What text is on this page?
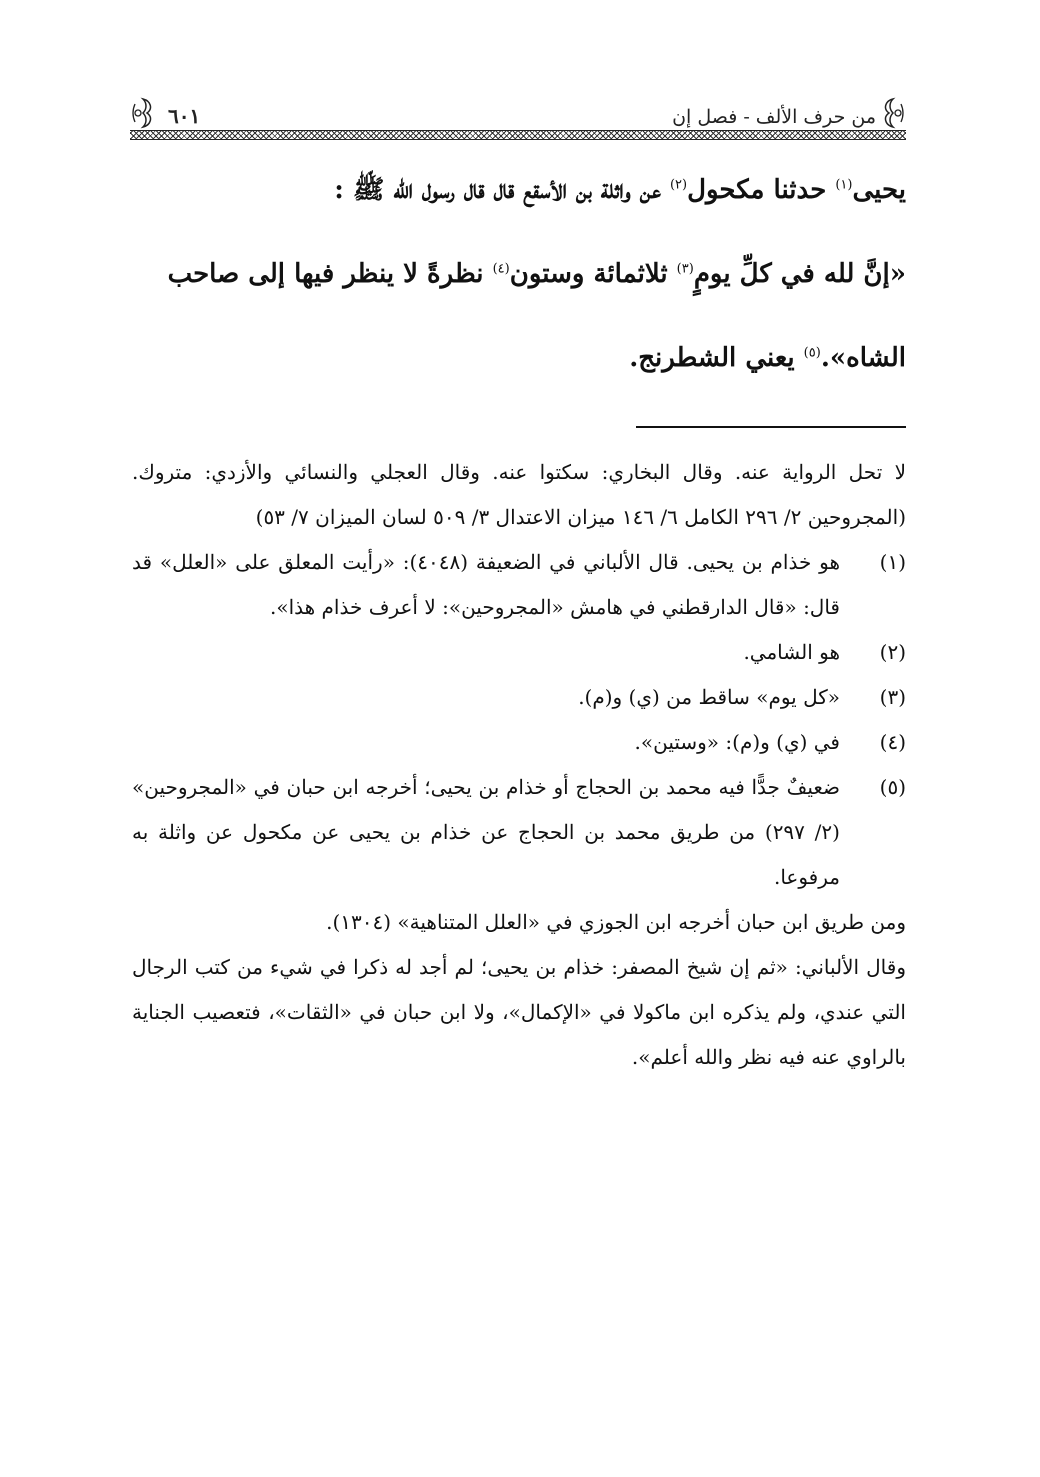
من حرف الألف - فصل إن
٦٠١

يحيى$^{(١)}$ حدثنا مكحول$^{(٢)}$ عن واثلة بن الأسقع قال قال رسول الله ﷺ :

«إنَّ لله في كلِّ يومٍ$^{(٣)}$ ثلاثمائة وستون$^{(٤)}$ نظرةً لا ينظر فيها إلى صاحب

الشاه».$^{(٥)}$ يعني الشطرنج.

لا تحل الرواية عنه. وقال البخاري: سكتوا عنه. وقال العجلي والنسائي والأزدي: متروك. (المجروحين ٢/ ٢٩٦ الكامل ٦/ ١٤٦ ميزان الاعتدال ٣/ ٥٠٩ لسان الميزان ٧/ ٥٣)

(١)
هو خذام بن يحيى. قال الألباني في الضعيفة (٤٠٤٨): «رأيت المعلق على «العلل» قد قال: «قال الدارقطني في هامش «المجروحين»: لا أعرف خذام هذا».

(٢)
هو الشامي.

(٣)
«كل يوم» ساقط من (ي) و(م).

(٤)
في (ي) و(م): «وستين».

(٥)
ضعيفٌ جدًّا فيه محمد بن الحجاج أو خذام بن يحيى؛ أخرجه ابن حبان في «المجروحين» (٢/ ٢٩٧) من طريق محمد بن الحجاج عن خذام بن يحيى عن مكحول عن واثلة به مرفوعا.

ومن طريق ابن حبان أخرجه ابن الجوزي في «العلل المتناهية» (١٣٠٤).

وقال الألباني: «ثم إن شيخ المصفر: خذام بن يحيى؛ لم أجد له ذكرا في شيء من كتب الرجال التي عندي، ولم يذكره ابن ماكولا في «الإكمال»، ولا ابن حبان في «الثقات»، فتعصيب الجناية بالراوي عنه فيه نظر والله أعلم».
